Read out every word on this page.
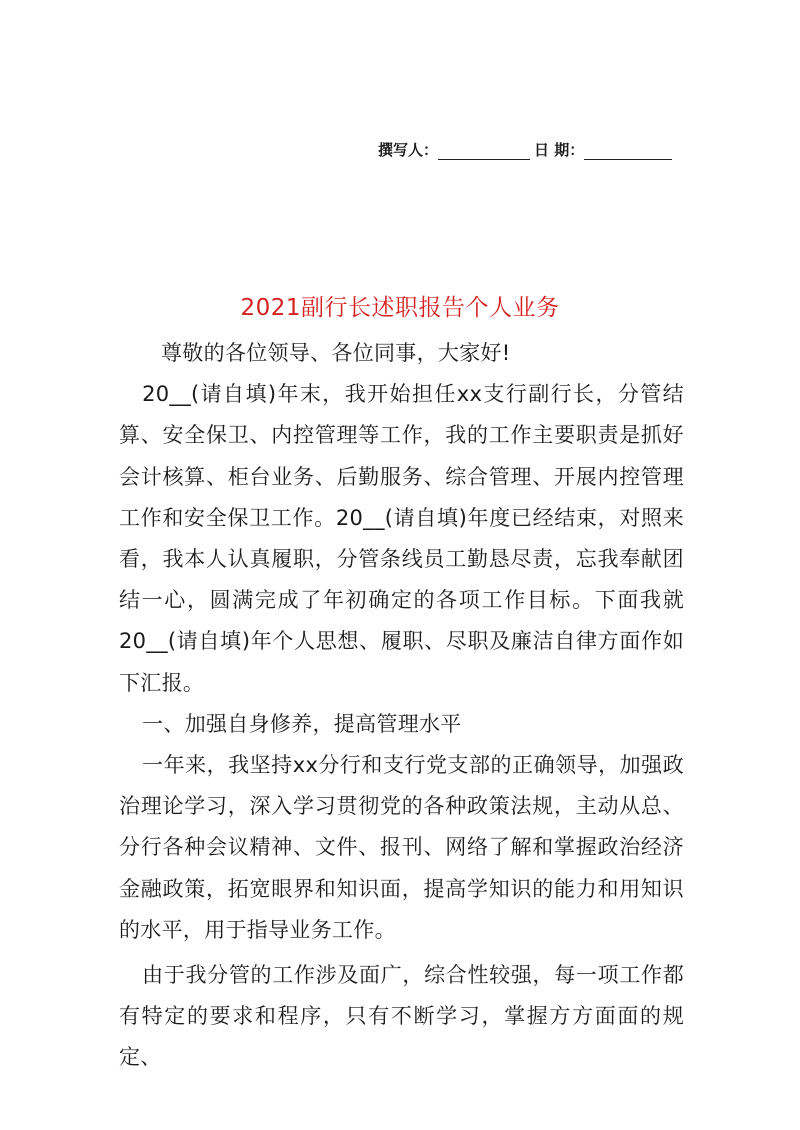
撰写人：	日 期：
2021副行长述职报告个人业务

尊敬的各位领导、各位同事，大家好!

20__(请自填)年末，我开始担任xx支行副行长，分管结算、安全保卫、内控管理等工作，我的工作主要职责是抓好会计核算、柜台业务、后勤服务、综合管理、开展内控管理工作和安全保卫工作。20__(请自填)年度已经结束，对照来看，我本人认真履职，分管条线员工勤恳尽责，忘我奉献团结一心，圆满完成了年初确定的各项工作目标。下面我就20__(请自填)年个人思想、履职、尽职及廉洁自律方面作如下汇报。

一、加强自身修养，提高管理水平

一年来，我坚持xx分行和支行党支部的正确领导，加强政治理论学习，深入学习贯彻党的各种政策法规，主动从总、分行各种会议精神、文件、报刊、网络了解和掌握政治经济金融政策，拓宽眼界和知识面，提高学知识的能力和用知识的水平，用于指导业务工作。

由于我分管的工作涉及面广，综合性较强，每一项工作都有特定的要求和程序，只有不断学习，掌握方方面面的规定、
